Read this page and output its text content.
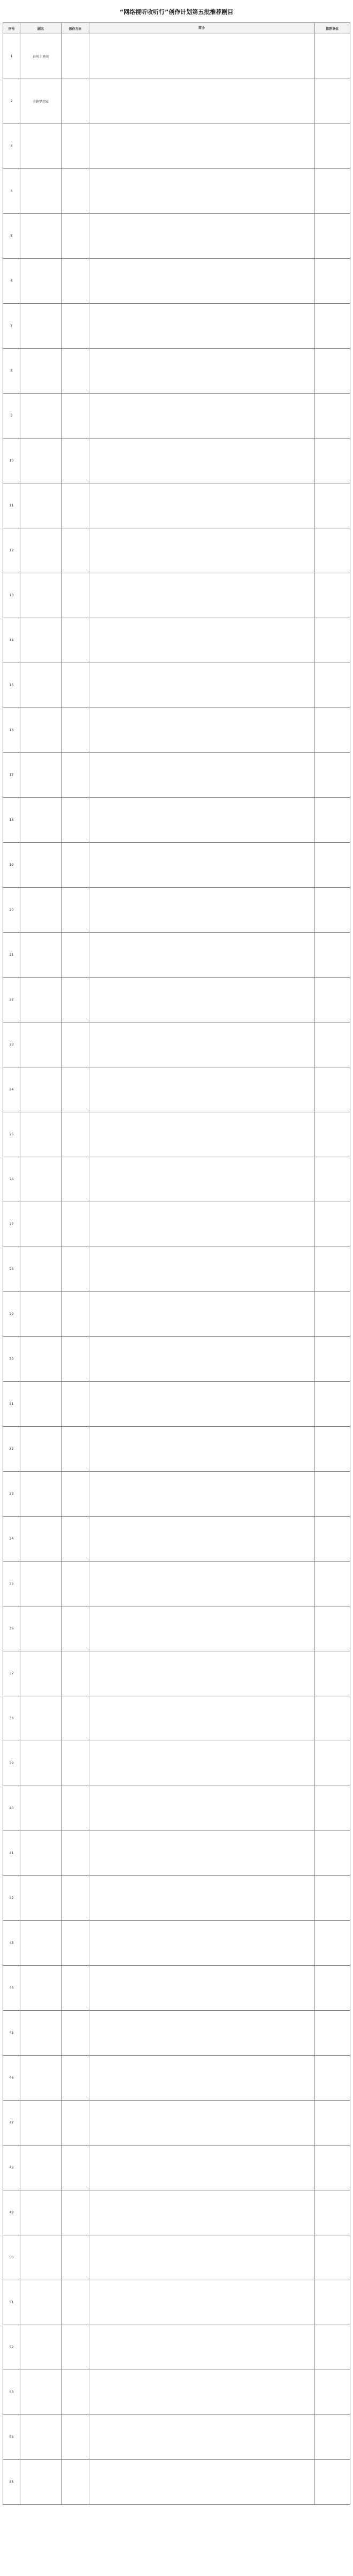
“网络视听收听行”创作计划第五批推荐剧目
序号	剧名	创作方向	简介	推荐单位
1	春风十里间			
2	小镇梦想家			
3				
4				
5				
6				
7				
8				
9				
10				
11				
12				
13				
14				
15				
16				
17				
18				
19				
20				
21				
22				
23				
24				
25				
26				
27				
28				
29				
30				
31				
32				
33				
34				
35				
36				
37				
38				
39				
40				
41				
42				
43				
44				
45				
46				
47				
48				
49				
50				
51				
52				
53				
54				
55				
